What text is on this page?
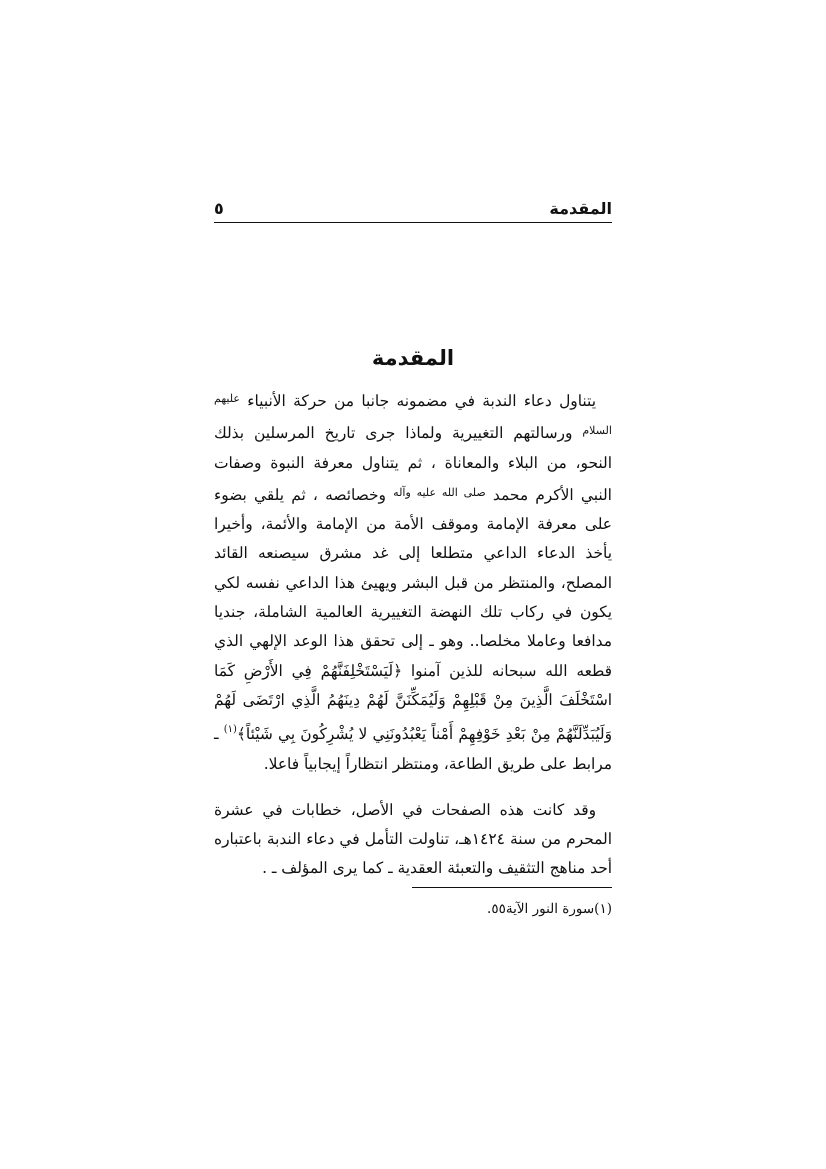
المقدمة
٥
المقدمة

يتناول دعاء الندبة في مضمونه جانبا من حركة الأنبياء $^{عليهم السلام}$ ورسالتهم التغييرية ولماذا جرى تاريخ المرسلين بذلك النحو، من البلاء والمعاناة ، ثم يتناول معرفة النبوة وصفات النبي الأكرم محمد $^{صلى الله عليه وآله}$ وخصائصه ، ثم يلقي بضوء على معرفة الإمامة وموقف الأمة من الإمامة والأئمة، وأخيرا يأخذ الدعاء الداعي متطلعا إلى غد مشرق سيصنعه القائد المصلح، والمنتظر من قبل البشر ويهيئ هذا الداعي نفسه لكي يكون في ركاب تلك النهضة التغييرية العالمية الشاملة، جنديا مدافعا وعاملا مخلصا.. وهو ـ إلى تحقق هذا الوعد الإلهي الذي قطعه الله سبحانه للذين آمنوا ﴿لَيَسْتَخْلِفَنَّهُمْ فِي الأَرْضِ كَمَا اسْتَخْلَفَ الَّذِينَ مِنْ قَبْلِهِمْ وَلَيُمَكِّنَنَّ لَهُمْ دِينَهُمُ الَّذِي ارْتَضَى لَهُمْ وَلَيُبَدِّلَنَّهُمْ مِنْ بَعْدِ خَوْفِهِمْ أَمْناً يَعْبُدُونَنِي لا يُشْرِكُونَ بِي شَيْئاً﴾$^{(١)}$ ـ مرابط على طريق الطاعة، ومنتظر انتظاراً إيجابياً فاعلا.

وقد كانت هذه الصفحات في الأصل، خطابات في عشرة المحرم من سنة ١٤٢٤هـ، تناولت التأمل في دعاء الندبة باعتباره أحد مناهج التثقيف والتعبئة العقدية ـ كما يرى المؤلف ـ .

(١)سورة النور الآية٥٥.
